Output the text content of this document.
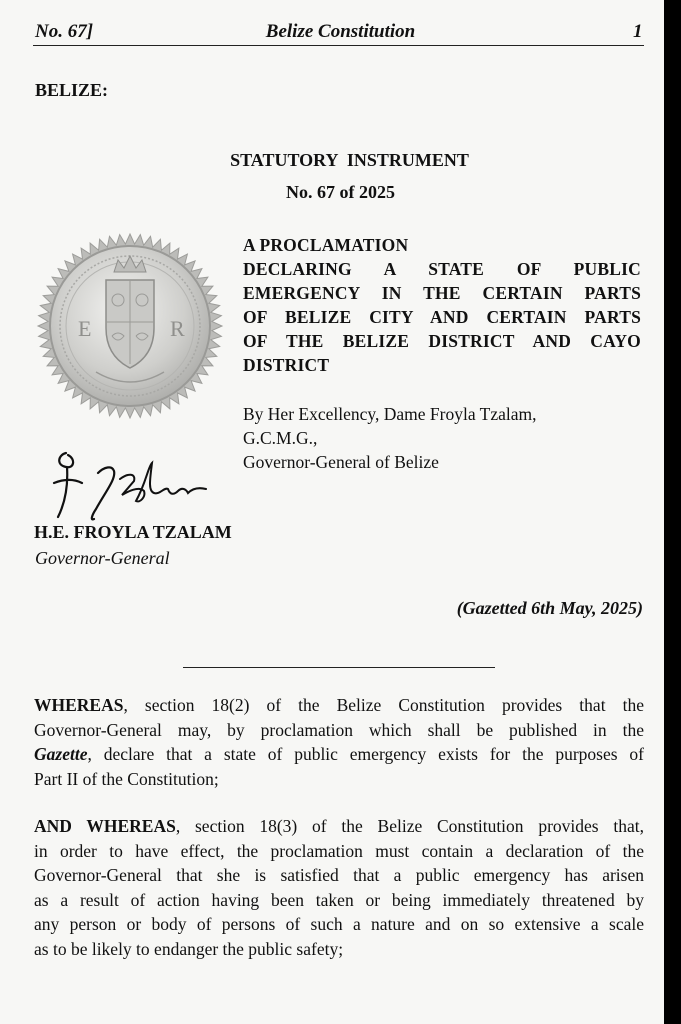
No. 67]	Belize Constitution	1
BELIZE:

STATUTORY  INSTRUMENT

No. 67 of 2025
E	R
A PROCLAMATION
DECLARING A STATE OF PUBLIC
EMERGENCY IN THE CERTAIN PARTS
OF BELIZE CITY AND CERTAIN PARTS
OF THE BELIZE DISTRICT AND CAYO
DISTRICT
By Her Excellency, Dame Froyla Tzalam,
G.C.M.G.,
Governor-General of Belize
H.E. FROYLA TZALAM
Governor-General
(Gazetted 6th May, 2025)
WHEREAS, section 18(2) of the Belize Constitution provides that the
Governor-General may, by proclamation which shall be published in the
Gazette, declare that a state of public emergency exists for the purposes of
Part II of the Constitution;
AND WHEREAS, section 18(3) of the Belize Constitution provides that,
in order to have effect, the proclamation must contain a declaration of the
Governor-General that she is satisfied that a public emergency has arisen
as a result of action having been taken or being immediately threatened by
any person or body of persons of such a nature and on so extensive a scale
as to be likely to endanger the public safety;
